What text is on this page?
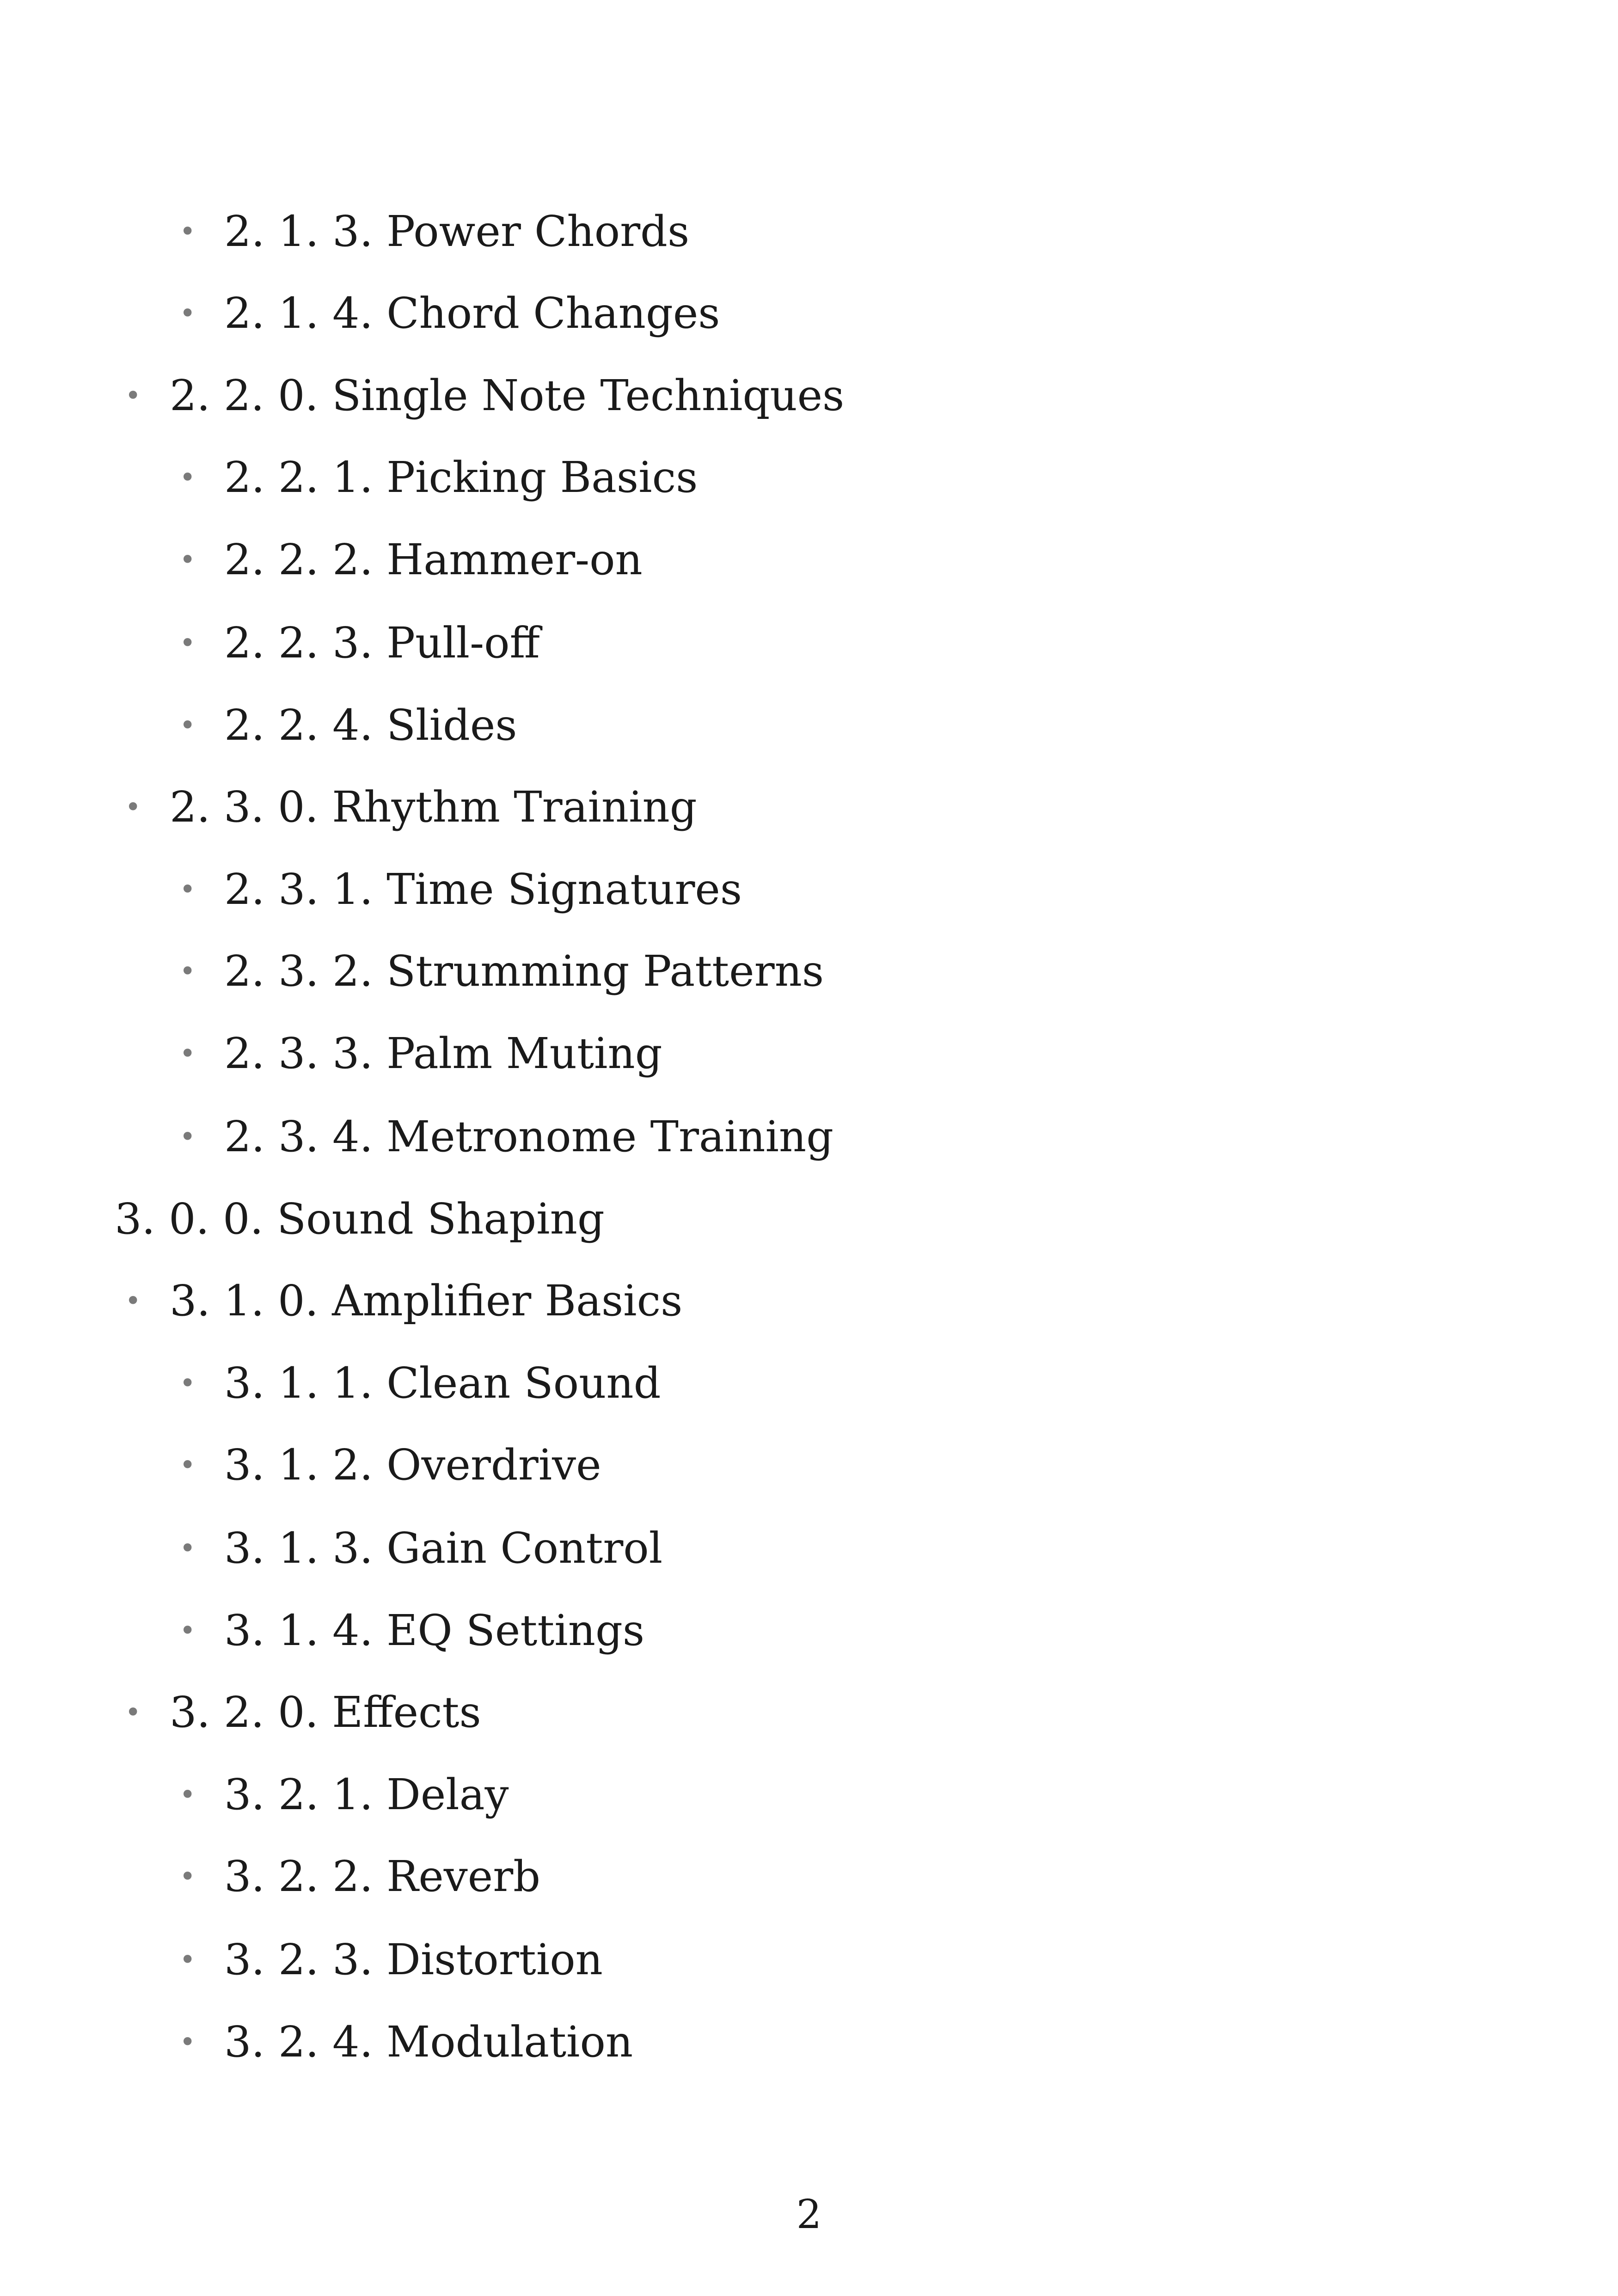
• 2. 1. 3. Power Chords
• 2. 1. 4. Chord Changes
• 2. 2. 0. Single Note Techniques
• 2. 2. 1. Picking Basics
• 2. 2. 2. Hammer-on
• 2. 2. 3. Pull-off
• 2. 2. 4. Slides
• 2. 3. 0. Rhythm Training
• 2. 3. 1. Time Signatures
• 2. 3. 2. Strumming Patterns
• 2. 3. 3. Palm Muting
• 2. 3. 4. Metronome Training
3. 0. 0. Sound Shaping
• 3. 1. 0. Amplifier Basics
• 3. 1. 1. Clean Sound
• 3. 1. 2. Overdrive
• 3. 1. 3. Gain Control
• 3. 1. 4. EQ Settings
• 3. 2. 0. Effects
• 3. 2. 1. Delay
• 3. 2. 2. Reverb
• 3. 2. 3. Distortion
• 3. 2. 4. Modulation
2
